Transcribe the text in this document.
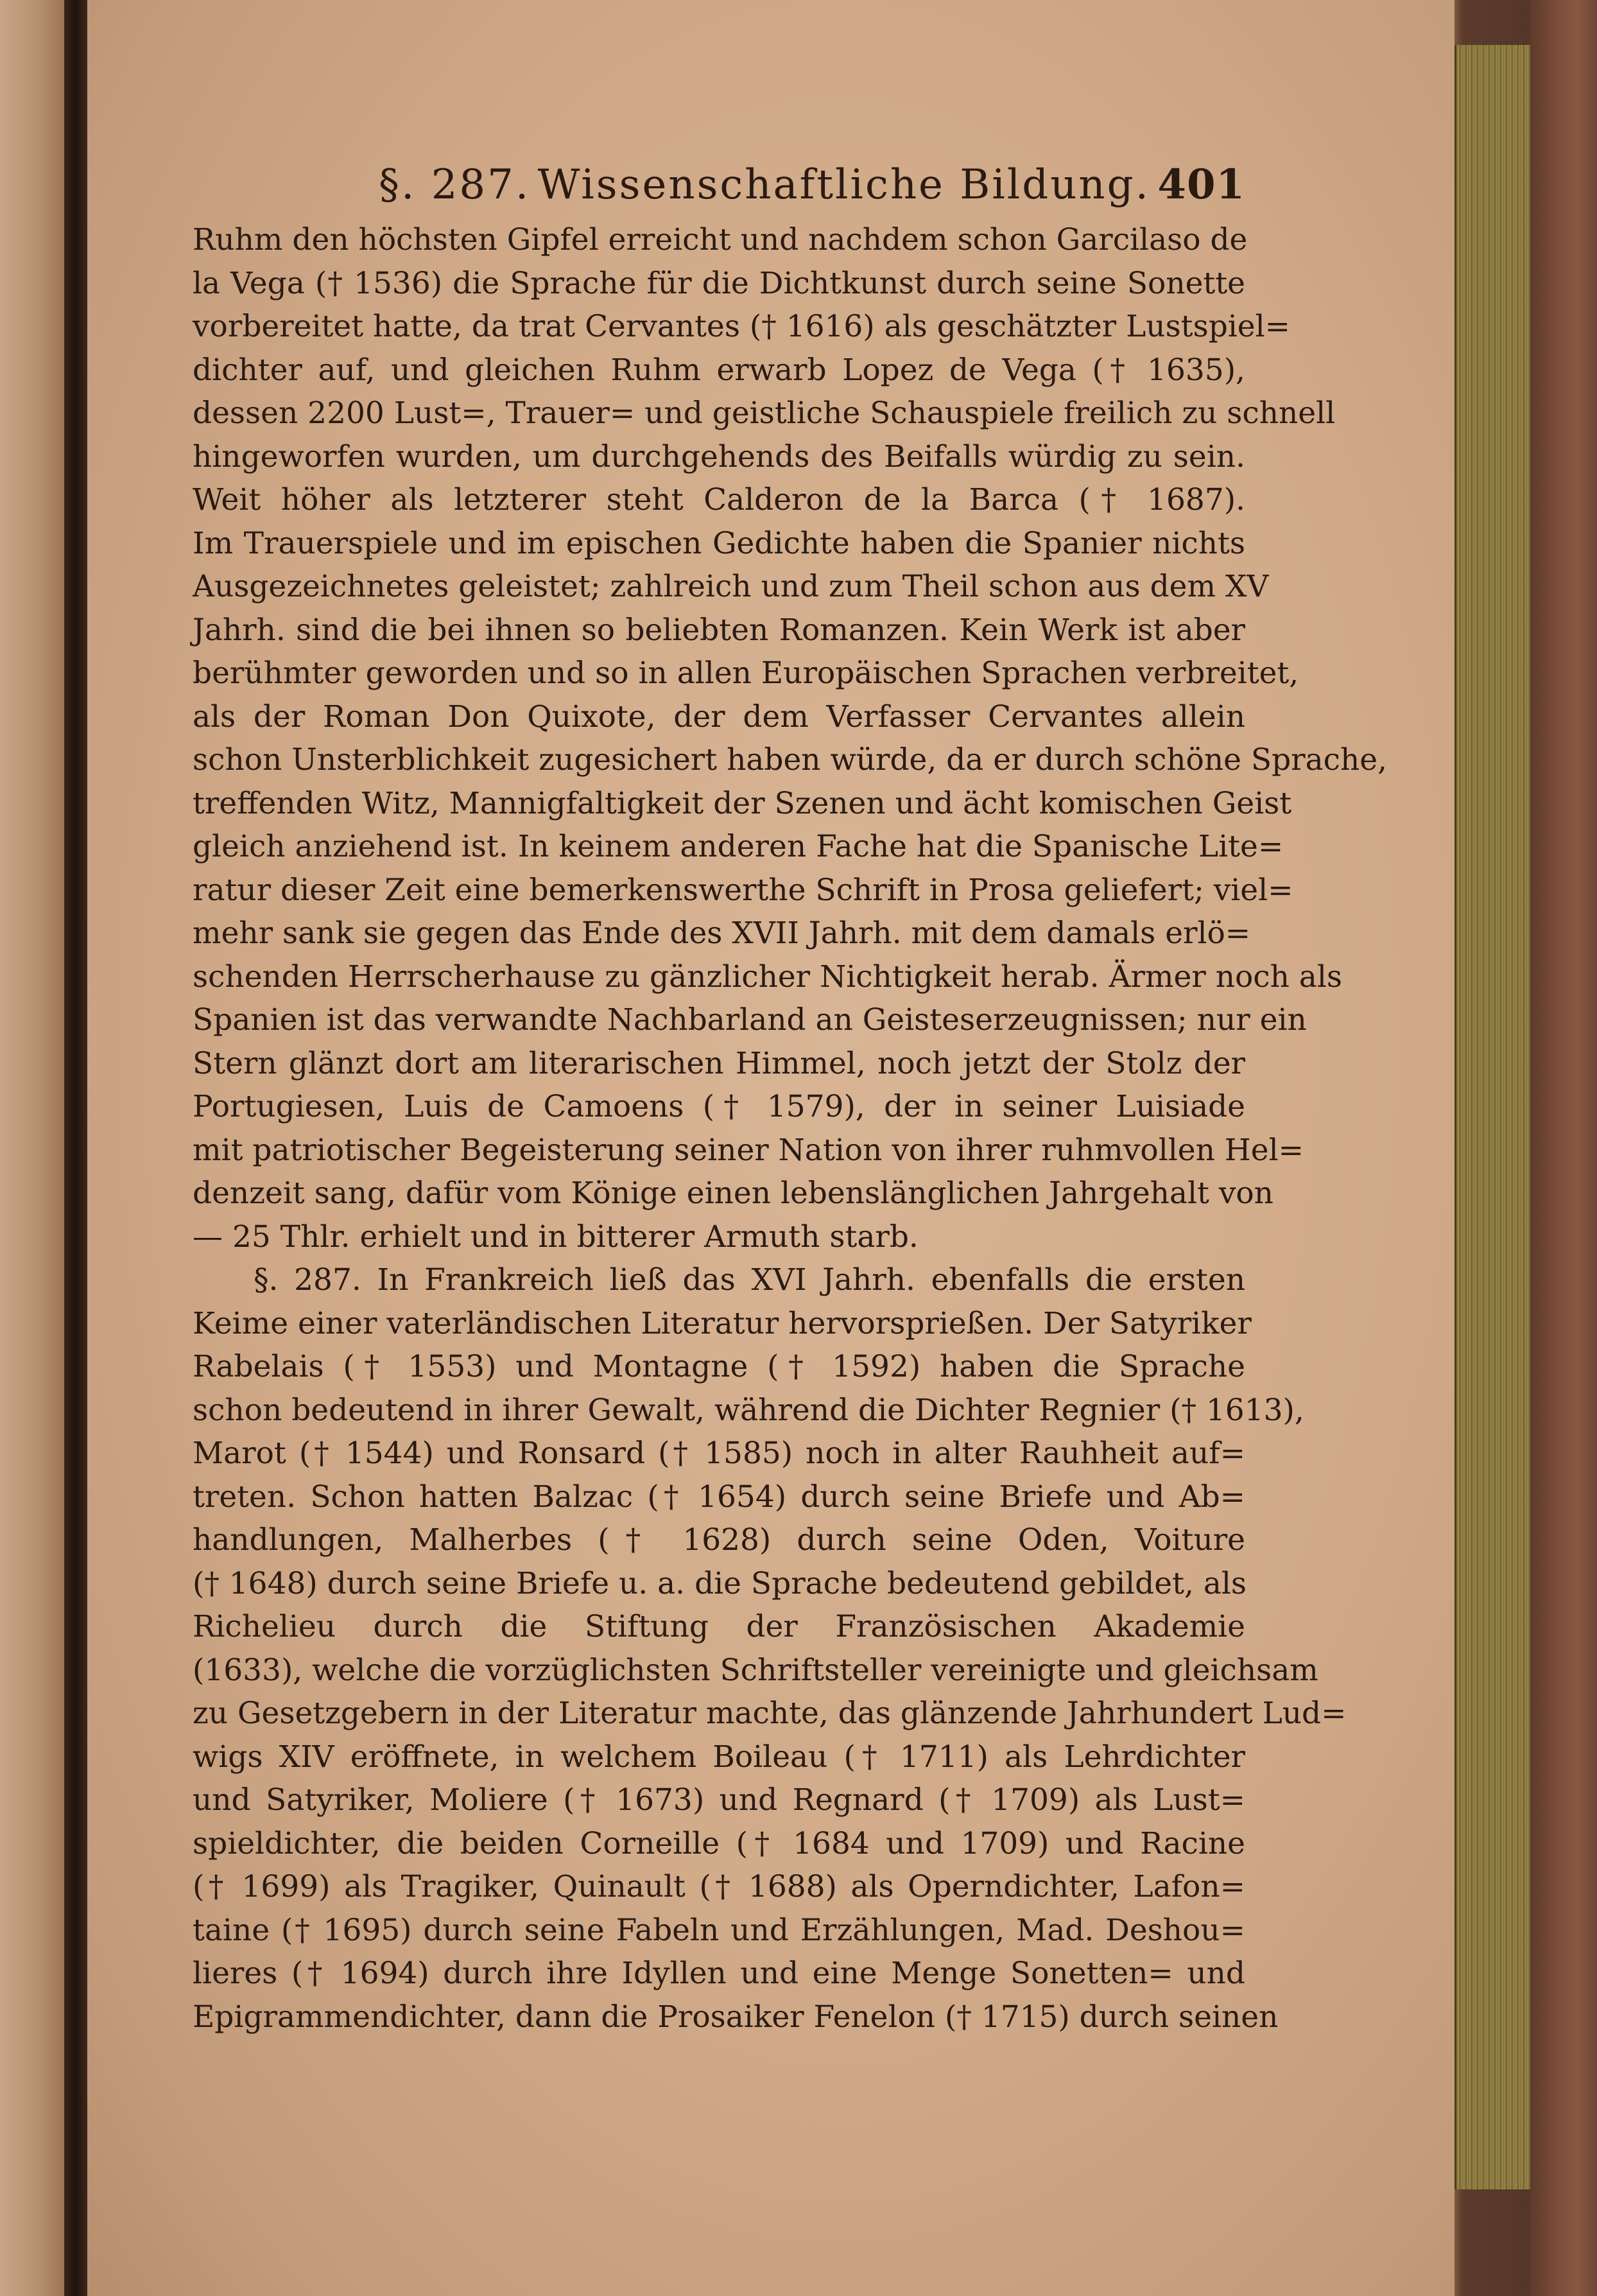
§. 287. Wissenschaftliche Bildung. 401

Ruhm den höchsten Gipfel erreicht und nachdem schon Garcilaso de

la Vega († 1536) die Sprache für die Dichtkunst durch seine Sonette

vorbereitet hatte, da trat Cervantes († 1616) als geschätzter Lustspiel=

dichter auf, und gleichen Ruhm erwarb Lopez de Vega († 1635),

dessen 2200 Lust=, Trauer= und geistliche Schauspiele freilich zu schnell

hingeworfen wurden, um durchgehends des Beifalls würdig zu sein.

Weit höher als letzterer steht Calderon de la Barca († 1687).

Im Trauerspiele und im epischen Gedichte haben die Spanier nichts

Ausgezeichnetes geleistet; zahlreich und zum Theil schon aus dem XV

Jahrh. sind die bei ihnen so beliebten Romanzen. Kein Werk ist aber

berühmter geworden und so in allen Europäischen Sprachen verbreitet,

als der Roman Don Quixote, der dem Verfasser Cervantes allein

schon Unsterblichkeit zugesichert haben würde, da er durch schöne Sprache,

treffenden Witz, Mannigfaltigkeit der Szenen und ächt komischen Geist

gleich anziehend ist. In keinem anderen Fache hat die Spanische Lite=

ratur dieser Zeit eine bemerkenswerthe Schrift in Prosa geliefert; viel=

mehr sank sie gegen das Ende des XVII Jahrh. mit dem damals erlö=

schenden Herrscherhause zu gänzlicher Nichtigkeit herab. Ärmer noch als

Spanien ist das verwandte Nachbarland an Geisteserzeugnissen; nur ein

Stern glänzt dort am literarischen Himmel, noch jetzt der Stolz der

Portugiesen, Luis de Camoens († 1579), der in seiner Luisiade

mit patriotischer Begeisterung seiner Nation von ihrer ruhmvollen Hel=

denzeit sang, dafür vom Könige einen lebenslänglichen Jahrgehalt von

— 25 Thlr. erhielt und in bitterer Armuth starb.

§. 287. In Frankreich ließ das XVI Jahrh. ebenfalls die ersten

Keime einer vaterländischen Literatur hervorsprießen. Der Satyriker

Rabelais († 1553) und Montagne († 1592) haben die Sprache

schon bedeutend in ihrer Gewalt, während die Dichter Regnier († 1613),

Marot († 1544) und Ronsard († 1585) noch in alter Rauhheit auf=

treten. Schon hatten Balzac († 1654) durch seine Briefe und Ab=

handlungen, Malherbes († 1628) durch seine Oden, Voiture

(† 1648) durch seine Briefe u. a. die Sprache bedeutend gebildet, als

Richelieu durch die Stiftung der Französischen Akademie

(1633), welche die vorzüglichsten Schriftsteller vereinigte und gleichsam

zu Gesetzgebern in der Literatur machte, das glänzende Jahrhundert Lud=

wigs XIV eröffnete, in welchem Boileau († 1711) als Lehrdichter

und Satyriker, Moliere († 1673) und Regnard († 1709) als Lust=

spieldichter, die beiden Corneille († 1684 und 1709) und Racine

(† 1699) als Tragiker, Quinault († 1688) als Operndichter, Lafon=

taine († 1695) durch seine Fabeln und Erzählungen, Mad. Deshou=

lieres († 1694) durch ihre Idyllen und eine Menge Sonetten= und

Epigrammendichter, dann die Prosaiker Fenelon († 1715) durch seinen
